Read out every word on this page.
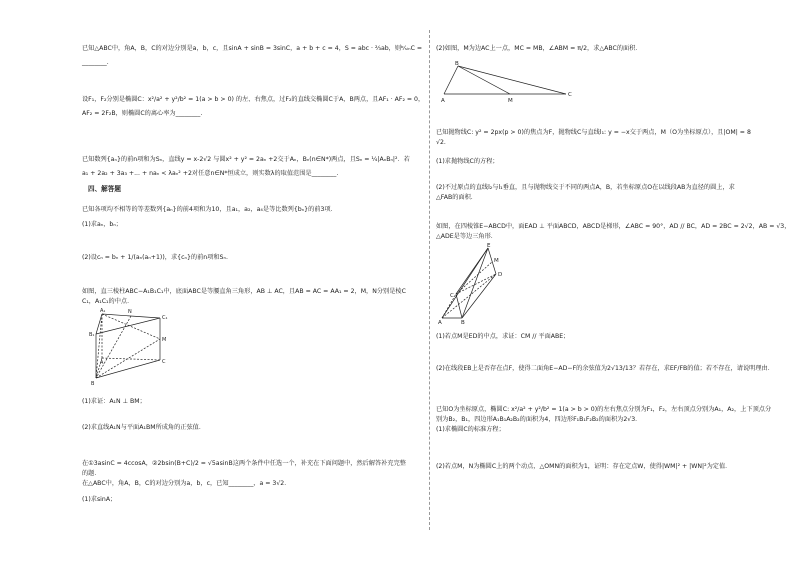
已知△ABC中，角A，B，C的对边分别是a，b，c，且sinA + sinB = 3sinC，a + b + c = 4，S = abc · ²⁄₃ab，则ᵇ⁄ₛᵢₙC =
________.
设F₁，F₂分别是椭圆C：x²/a² + y²/b² = 1(a > b > 0) 的左、右焦点，过F₂的直线交椭圆C于A，B两点，且AF₁ · AF₂ = 0，
AF₂ = 2F₂B，则椭圆C的离心率为________.
已知数列{aₙ}的前n项和为Sₙ，直线y = x-2√2 与圆x² + y² = 2aₙ +2交于Aₙ，Bₙ(n∈N*)两点，且Sₙ = ¹⁄₄|AₙBₙ|²．若
a₁ + 2a₂ + 3a₃ +... + naₙ < λaₙ² +2对任意n∈N*恒成立，则实数λ的取值范围是________.
四、解答题
已知各项均不相等的等差数列{aₙ}的前4项和为10，且a₁，a₂，a₄是等比数列{bₙ}的前3项．
(1)求aₙ，bₙ；
(2)设cₙ = bₙ + 1/(aₙ(aₙ+1))，求{cₙ}的前n项和Sₙ.
如图，直三棱柱ABC−A₁B₁C₁中，底面ABC是等腰直角三角形，AB ⊥ AC，且AB = AC = AA₁ = 2，M，N分别是棱C
C₁，A₁C₁的中点．
A₁	N
C₁
B₁
M
A	C
B
(1)求证：A₁N ⊥ BM；
(2)求直线A₁N与平面A₁BM所成角的正弦值．
在①3asinC = 4ccosA，②2bsin(B+C)/2 = √5asinB这两个条件中任选一个，补充在下面问题中，然后解答补充完整
的题．
在△ABC中，角A，B，C的对边分别为a，b，c，已知________，a = 3√2．
(1)求sinA；
(2)如图，M为边AC上一点，MC = MB，∠ABM = π/2，求△ABC的面积．
B
A	M
C
已知抛物线C: y² = 2px(p > 0)的焦点为F，抛物线C与直线l₁: y = −x交于两点，M（O为坐标原点），且|OM| = 8
√2.
(1)求抛物线C的方程；
(2)不过原点的直线l₂与l₁垂直，且与抛物线交于不同的两点A，B，若坐标原点O在以线段AB为直径的圆上，求
△FAB的面积．
如图，在四棱锥E−ABCD中，面EAD ⊥ 平面ABCD，ABCD是梯形，∠ABC = 90°，AD // BC，AD = 2BC = 2√2，AB = √3，
△ADE是等边三角形．
E
M
D
C
A	B
(1)若点M是ED的中点，求证：CM // 平面ABE；
(2)在线段EB上是否存在点F，使得二面角E−AD−F的余弦值为2√13/13？若存在，求EF/FB的值；若不存在，请说明理由．
已知O为坐标原点，椭圆C: x²/a² + y²/b² = 1(a > b > 0)的左右焦点分别为F₁，F₂，左右顶点分别为A₁，A₂，上下顶点分
别为B₂，B₁，四边形A₁B₁A₂B₂的面积为4，四边形F₁B₁F₂B₂的面积为2√3．
(1)求椭圆C的标准方程；
(2)若点M，N为椭圆C上的两个动点，△OMN的面积为1，证明：存在定点W，使得|WM|² + |WN|²为定值．
